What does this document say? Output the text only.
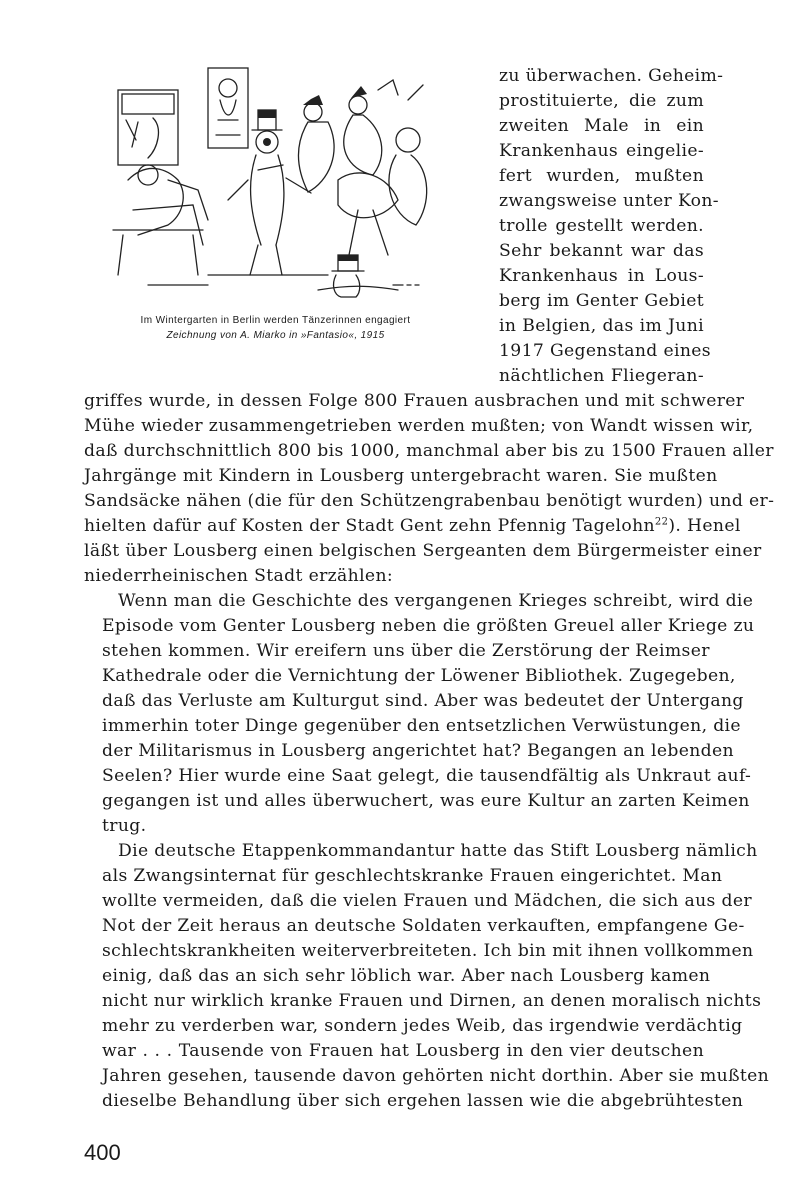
Im Wintergarten in Berlin werden Tänzerinnen engagiert
Zeichnung von A. Miarko in »Fantasio«, 1915
zu überwachen. Geheim-
prostituierte, die zum
zweiten Male in ein
Krankenhaus eingelie-
fert wurden, mußten
zwangsweise unter Kon-
trolle gestellt werden.
Sehr bekannt war das
Krankenhaus in Lous-
berg im Genter Gebiet
in Belgien, das im Juni
1917 Gegenstand eines
nächtlichen Fliegeran-
griffes wurde, in dessen Folge 800 Frauen ausbrachen und mit schwerer
Mühe wieder zusammengetrieben werden mußten; von Wandt wissen wir,
daß durchschnittlich 800 bis 1000, manchmal aber bis zu 1500 Frauen aller
Jahrgänge mit Kindern in Lousberg untergebracht waren. Sie mußten
Sandsäcke nähen (die für den Schützengrabenbau benötigt wurden) und er-
hielten dafür auf Kosten der Stadt Gent zehn Pfennig Tagelohn$^{22}$). Henel
läßt über Lousberg einen belgischen Sergeanten dem Bürgermeister einer
niederrheinischen Stadt erzählen:
Wenn man die Geschichte des vergangenen Krieges schreibt, wird die
Episode vom Genter Lousberg neben die größten Greuel aller Kriege zu
stehen kommen. Wir ereifern uns über die Zerstörung der Reimser
Kathedrale oder die Vernichtung der Löwener Bibliothek. Zugegeben,
daß das Verluste am Kulturgut sind. Aber was bedeutet der Untergang
immerhin toter Dinge gegenüber den entsetzlichen Verwüstungen, die
der Militarismus in Lousberg angerichtet hat? Begangen an lebenden
Seelen? Hier wurde eine Saat gelegt, die tausendfältig als Unkraut auf-
gegangen ist und alles überwuchert, was eure Kultur an zarten Keimen
trug.
Die deutsche Etappenkommandantur hatte das Stift Lousberg nämlich
als Zwangsinternat für geschlechtskranke Frauen eingerichtet. Man
wollte vermeiden, daß die vielen Frauen und Mädchen, die sich aus der
Not der Zeit heraus an deutsche Soldaten verkauften, empfangene Ge-
schlechtskrankheiten weiterverbreiteten. Ich bin mit ihnen vollkommen
einig, daß das an sich sehr löblich war. Aber nach Lousberg kamen
nicht nur wirklich kranke Frauen und Dirnen, an denen moralisch nichts
mehr zu verderben war, sondern jedes Weib, das irgendwie verdächtig
war . . . Tausende von Frauen hat Lousberg in den vier deutschen
Jahren gesehen, tausende davon gehörten nicht dorthin. Aber sie mußten
dieselbe Behandlung über sich ergehen lassen wie die abgebrühtesten
400
